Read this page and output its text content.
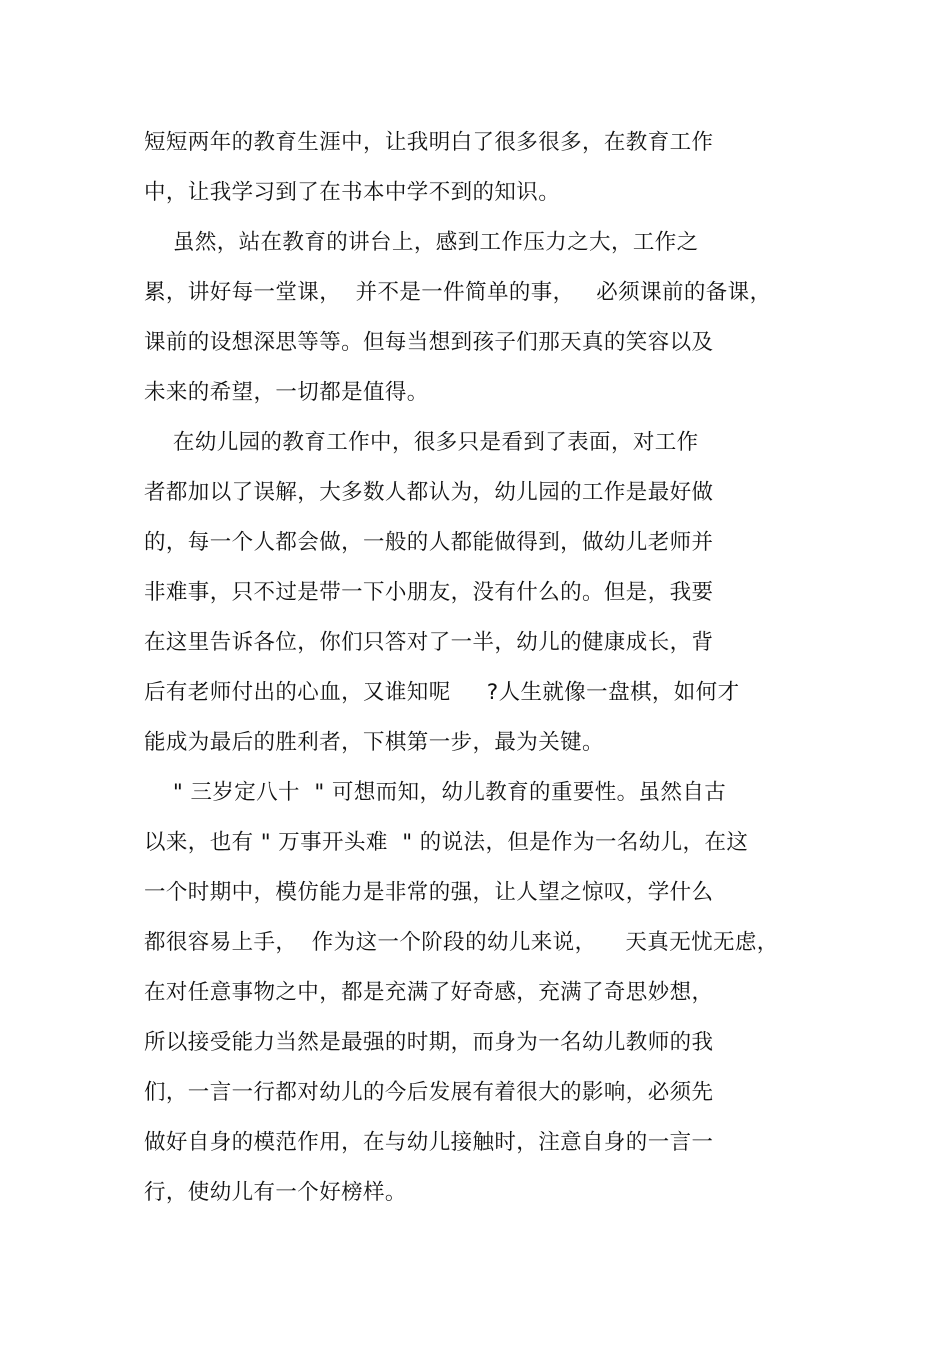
短短两年的教育生涯中，让我明白了很多很多，在教育工作
中，让我学习到了在书本中学不到的知识。
虽然，站在教育的讲台上，感到工作压力之大，工作之
累，讲好每一堂课，  并不是一件简单的事，   必须课前的备课，
课前的设想深思等等。但每当想到孩子们那天真的笑容以及
未来的希望，一切都是值得。
在幼儿园的教育工作中，很多只是看到了表面，对工作
者都加以了误解，大多数人都认为，幼儿园的工作是最好做
的，每一个人都会做，一般的人都能做得到，做幼儿老师并
非难事，只不过是带一下小朋友，没有什么的。但是，我要
在这里告诉各位，你们只答对了一半，幼儿的健康成长，背
后有老师付出的心血，又谁知呢     ?人生就像一盘棋，如何才
能成为最后的胜利者，下棋第一步，最为关键。
" 三岁定八十  " 可想而知，幼儿教育的重要性。虽然自古
以来，也有 " 万事开头难  " 的说法，但是作为一名幼儿，在这
一个时期中，模仿能力是非常的强，让人望之惊叹，学什么
都很容易上手，  作为这一个阶段的幼儿来说，    天真无忧无虑，
在对任意事物之中，都是充满了好奇感，充满了奇思妙想，
所以接受能力当然是最强的时期，而身为一名幼儿教师的我
们，一言一行都对幼儿的今后发展有着很大的影响，必须先
做好自身的模范作用，在与幼儿接触时，注意自身的一言一
行，使幼儿有一个好榜样。
